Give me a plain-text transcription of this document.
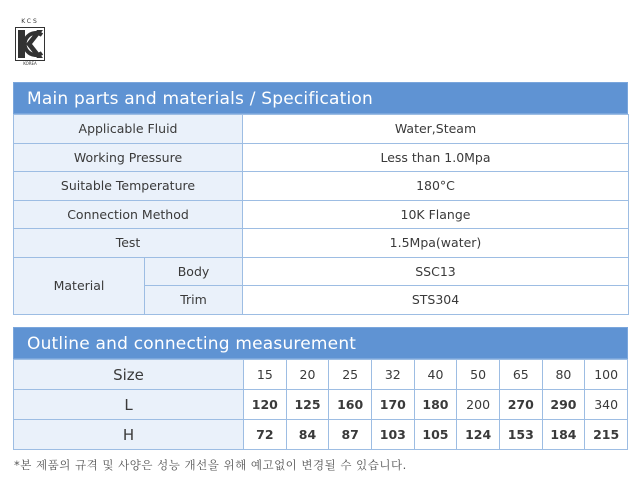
KCS
KOREA
Main parts and materials / Specification
Applicable Fluid		Water,Steam
Working Pressure		Less than 1.0Mpa
Suitable Temperature		180°C
Connection Method		10K Flange
Test		1.5Mpa(water)
Material	Body	SSC13
	Trim	STS304
Outline and connecting measurement
Size	15	20	25	32	40	50	65	80	100
L	120	125	160	170	180	200	270	290	340
H	72	84	87	103	105	124	153	184	215
*본 제품의 규격 및 사양은 성능 개선을 위해 예고없이 변경될 수 있습니다.
